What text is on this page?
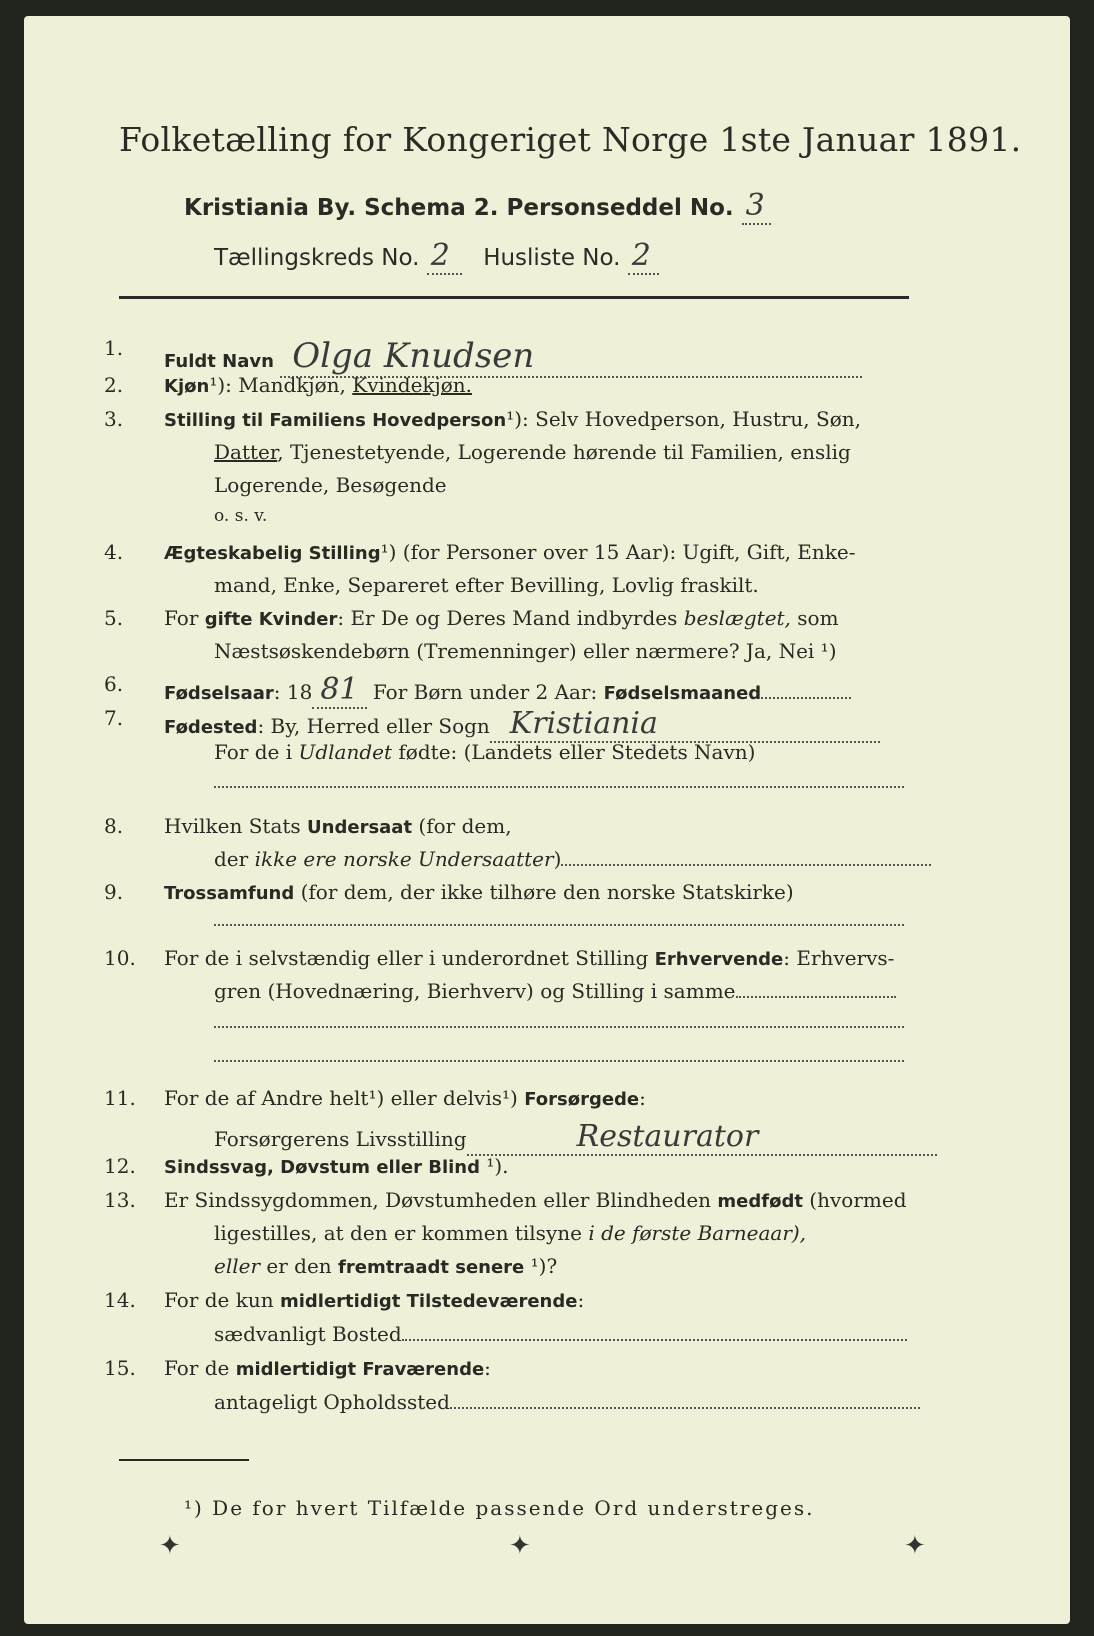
Folketælling for Kongeriget Norge 1ste Januar 1891.
Kristiania By. Schema 2. Personseddel No. 3
Tællingskreds No. 2 Husliste No. 2
1.
Fuldt Navn Olga Knudsen
2.	Kjøn¹): Mandkjøn, Kvindekjøn.
3.	Stilling til Familiens Hovedperson¹): Selv Hovedperson, Hustru, Søn,
Datter, Tjenestetyende, Logerende hørende til Familien, enslig
Logerende, Besøgende
o. s. v.
4.	Ægteskabelig Stilling¹) (for Personer over 15 Aar): Ugift, Gift, Enke-
mand, Enke, Separeret efter Bevilling, Lovlig fraskilt.
5.	For gifte Kvinder: Er De og Deres Mand indbyrdes beslægtet, som
Næstsøskendebørn (Tremenninger) eller nærmere? Ja, Nei ¹)
6.	Fødselsaar: 18 81 For Børn under 2 Aar: Fødselsmaaned
7.	Fødested: By, Herred eller Sogn Kristiania
For de i Udlandet fødte: (Landets eller Stedets Navn)
8.	Hvilken Stats Undersaat (for dem,
der ikke ere norske Undersaatter)
9.	Trossamfund (for dem, der ikke tilhøre den norske Statskirke)
10.	For de i selvstændig eller i underordnet Stilling Erhvervende: Erhvervs-
gren (Hovednæring, Bierhverv) og Stilling i samme
11.	For de af Andre helt¹) eller delvis¹) Forsørgede:
Forsørgerens Livsstilling	Restaurator
12.	Sindssvag, Døvstum eller Blind ¹).
13.	Er Sindssygdommen, Døvstumheden eller Blindheden medfødt (hvormed
ligestilles, at den er kommen tilsyne i de første Barneaar),
eller er den fremtraadt senere ¹)?
14.	For de kun midlertidigt Tilstedeværende:
sædvanligt Bosted
15.	For de midlertidigt Fraværende:
antageligt Opholdssted
¹) De for hvert Tilfælde passende Ord understreges.
✦	✦	✦
